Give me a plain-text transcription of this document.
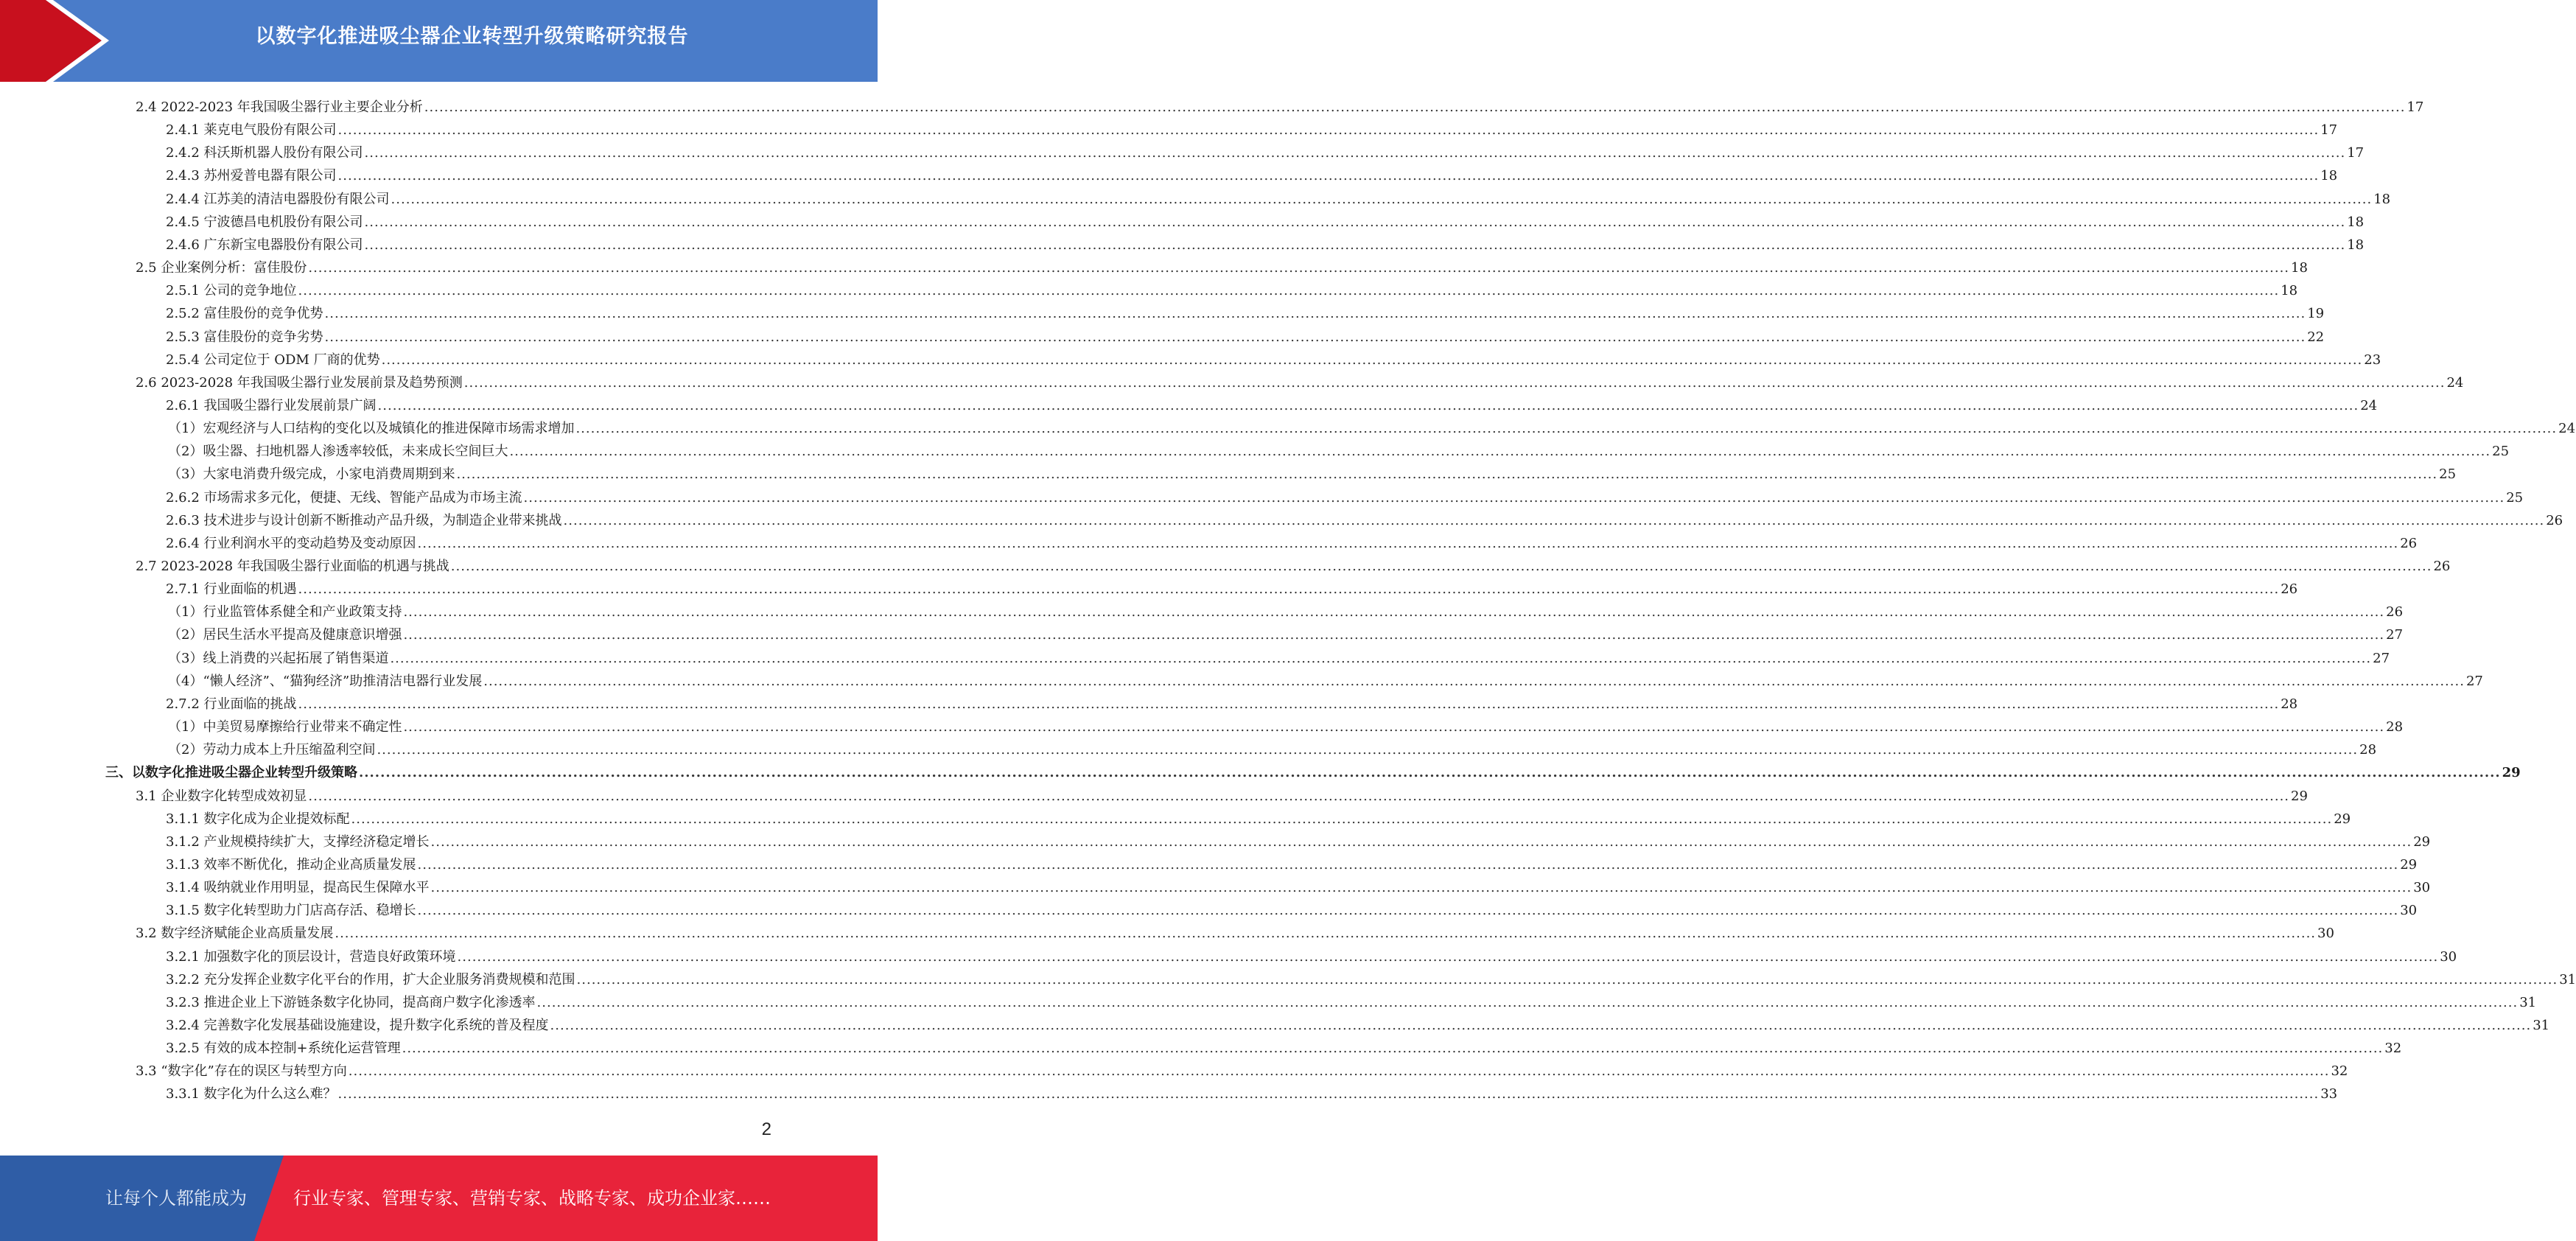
以数字化推进吸尘器企业转型升级策略研究报告
2.4 2022-2023 年我国吸尘器行业主要企业分析 ................................................................................................................................................................................................................................................................................................................................................................................................................ 17
2.4.1 莱克电气股份有限公司 ................................................................................................................................................................................................................................................................................................................................................................................................................ 17
2.4.2 科沃斯机器人股份有限公司 ................................................................................................................................................................................................................................................................................................................................................................................................................ 17
2.4.3 苏州爱普电器有限公司 ................................................................................................................................................................................................................................................................................................................................................................................................................ 18
2.4.4 江苏美的清洁电器股份有限公司 ................................................................................................................................................................................................................................................................................................................................................................................................................ 18
2.4.5 宁波德昌电机股份有限公司 ................................................................................................................................................................................................................................................................................................................................................................................................................ 18
2.4.6 广东新宝电器股份有限公司 ................................................................................................................................................................................................................................................................................................................................................................................................................ 18
2.5 企业案例分析：富佳股份 ................................................................................................................................................................................................................................................................................................................................................................................................................ 18
2.5.1 公司的竞争地位 ................................................................................................................................................................................................................................................................................................................................................................................................................ 18
2.5.2 富佳股份的竞争优势 ................................................................................................................................................................................................................................................................................................................................................................................................................ 19
2.5.3 富佳股份的竞争劣势 ................................................................................................................................................................................................................................................................................................................................................................................................................ 22
2.5.4 公司定位于 ODM 厂商的优势 ................................................................................................................................................................................................................................................................................................................................................................................................................ 23
2.6 2023-2028 年我国吸尘器行业发展前景及趋势预测 ................................................................................................................................................................................................................................................................................................................................................................................................................ 24
2.6.1 我国吸尘器行业发展前景广阔 ................................................................................................................................................................................................................................................................................................................................................................................................................ 24
（1）宏观经济与人口结构的变化以及城镇化的推进保障市场需求增加 ................................................................................................................................................................................................................................................................................................................................................................................................................ 24
（2）吸尘器、扫地机器人渗透率较低，未来成长空间巨大 ................................................................................................................................................................................................................................................................................................................................................................................................................ 25
（3）大家电消费升级完成，小家电消费周期到来 ................................................................................................................................................................................................................................................................................................................................................................................................................ 25
2.6.2 市场需求多元化，便捷、无线、智能产品成为市场主流 ................................................................................................................................................................................................................................................................................................................................................................................................................ 25
2.6.3 技术进步与设计创新不断推动产品升级，为制造企业带来挑战 ................................................................................................................................................................................................................................................................................................................................................................................................................ 26
2.6.4 行业利润水平的变动趋势及变动原因 ................................................................................................................................................................................................................................................................................................................................................................................................................ 26
2.7 2023-2028 年我国吸尘器行业面临的机遇与挑战 ................................................................................................................................................................................................................................................................................................................................................................................................................ 26
2.7.1 行业面临的机遇 ................................................................................................................................................................................................................................................................................................................................................................................................................ 26
（1）行业监管体系健全和产业政策支持 ................................................................................................................................................................................................................................................................................................................................................................................................................ 26
（2）居民生活水平提高及健康意识增强 ................................................................................................................................................................................................................................................................................................................................................................................................................ 27
（3）线上消费的兴起拓展了销售渠道 ................................................................................................................................................................................................................................................................................................................................................................................................................ 27
（4）“懒人经济”、“猫狗经济”助推清洁电器行业发展 ................................................................................................................................................................................................................................................................................................................................................................................................................ 27
2.7.2 行业面临的挑战 ................................................................................................................................................................................................................................................................................................................................................................................................................ 28
（1）中美贸易摩擦给行业带来不确定性 ................................................................................................................................................................................................................................................................................................................................................................................................................ 28
（2）劳动力成本上升压缩盈利空间 ................................................................................................................................................................................................................................................................................................................................................................................................................ 28
三、以数字化推进吸尘器企业转型升级策略 ................................................................................................................................................................................................................................................................................................................................................................................................................ 29
3.1 企业数字化转型成效初显 ................................................................................................................................................................................................................................................................................................................................................................................................................ 29
3.1.1 数字化成为企业提效标配 ................................................................................................................................................................................................................................................................................................................................................................................................................ 29
3.1.2 产业规模持续扩大，支撑经济稳定增长 ................................................................................................................................................................................................................................................................................................................................................................................................................ 29
3.1.3 效率不断优化，推动企业高质量发展 ................................................................................................................................................................................................................................................................................................................................................................................................................ 29
3.1.4 吸纳就业作用明显，提高民生保障水平 ................................................................................................................................................................................................................................................................................................................................................................................................................ 30
3.1.5 数字化转型助力门店高存活、稳增长 ................................................................................................................................................................................................................................................................................................................................................................................................................ 30
3.2 数字经济赋能企业高质量发展 ................................................................................................................................................................................................................................................................................................................................................................................................................ 30
3.2.1 加强数字化的顶层设计，营造良好政策环境 ................................................................................................................................................................................................................................................................................................................................................................................................................ 30
3.2.2 充分发挥企业数字化平台的作用，扩大企业服务消费规模和范围 ................................................................................................................................................................................................................................................................................................................................................................................................................ 31
3.2.3 推进企业上下游链条数字化协同，提高商户数字化渗透率 ................................................................................................................................................................................................................................................................................................................................................................................................................ 31
3.2.4 完善数字化发展基础设施建设，提升数字化系统的普及程度 ................................................................................................................................................................................................................................................................................................................................................................................................................ 31
3.2.5 有效的成本控制+系统化运营管理 ................................................................................................................................................................................................................................................................................................................................................................................................................ 32
3.3 “数字化”存在的误区与转型方向 ................................................................................................................................................................................................................................................................................................................................................................................................................ 32
3.3.1 数字化为什么这么难？ ................................................................................................................................................................................................................................................................................................................................................................................................................ 33
2
让每个人都能成为	行业专家、管理专家、营销专家、战略专家、成功企业家……
